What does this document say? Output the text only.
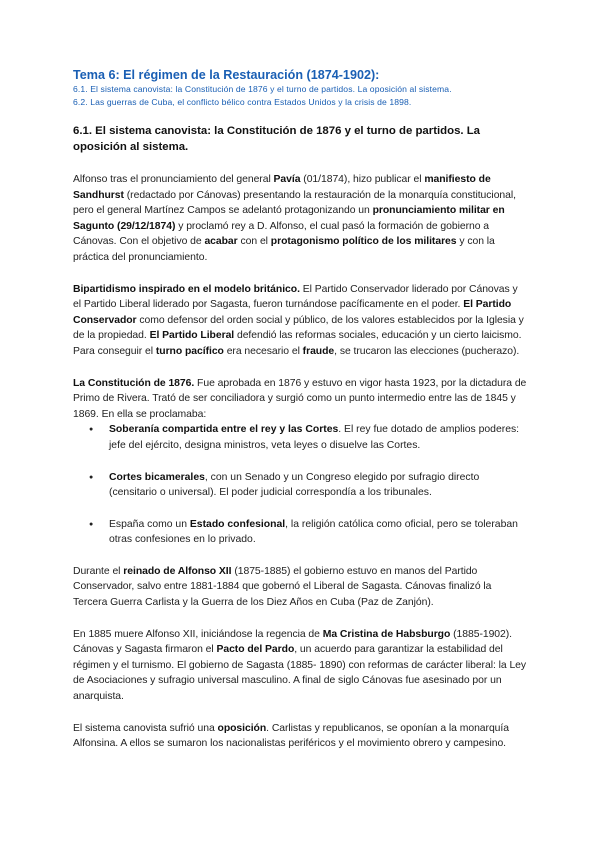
Tema 6: El régimen de la Restauración (1874-1902):
6.1. El sistema canovista: la Constitución de 1876 y el turno de partidos. La oposición al sistema.
6.2. Las guerras de Cuba, el conflicto bélico contra Estados Unidos y la crisis de 1898.
6.1. El sistema canovista: la Constitución de 1876 y el turno de partidos. La oposición al sistema.

Alfonso tras el pronunciamiento del general Pavía (01/1874), hizo publicar el manifiesto de Sandhurst (redactado por Cánovas) presentando la restauración de la monarquía constitucional, pero el general Martínez Campos se adelantó protagonizando un pronunciamiento militar en Sagunto (29/12/1874) y proclamó rey a D. Alfonso, el cual pasó la formación de gobierno a Cánovas. Con el objetivo de acabar con el protagonismo político de los militares y con la práctica del pronunciamiento.

Bipartidismo inspirado en el modelo británico. El Partido Conservador liderado por Cánovas y el Partido Liberal liderado por Sagasta, fueron turnándose pacíficamente en el poder. El Partido Conservador como defensor del orden social y público, de los valores establecidos por la Iglesia y de la propiedad. El Partido Liberal defendió las reformas sociales, educación y un cierto laicismo.

Para conseguir el turno pacífico era necesario el fraude, se trucaron las elecciones (pucherazo).

La Constitución de 1876. Fue aprobada en 1876 y estuvo en vigor hasta 1923, por la dictadura de Primo de Rivera. Trató de ser conciliadora y surgió como un punto intermedio entre las de 1845 y 1869. En ella se proclamaba:

● Soberanía compartida entre el rey y las Cortes. El rey fue dotado de amplios poderes: jefe del ejército, designa ministros, veta leyes o disuelve las Cortes.
● Cortes bicamerales, con un Senado y un Congreso elegido por sufragio directo (censitario o universal). El poder judicial correspondía a los tribunales.
● España como un Estado confesional, la religión católica como oficial, pero se toleraban otras confesiones en lo privado.

Durante el reinado de Alfonso XII (1875-1885) el gobierno estuvo en manos del Partido Conservador, salvo entre 1881-1884 que gobernó el Liberal de Sagasta. Cánovas finalizó la Tercera Guerra Carlista y la Guerra de los Diez Años en Cuba (Paz de Zanjón).

En 1885 muere Alfonso XII, iniciándose la regencia de Ma Cristina de Habsburgo (1885-1902). Cánovas y Sagasta firmaron el Pacto del Pardo, un acuerdo para garantizar la estabilidad del régimen y el turnismo. El gobierno de Sagasta (1885- 1890) con reformas de carácter liberal: la Ley de Asociaciones y sufragio universal masculino. A final de siglo Cánovas fue asesinado por un anarquista.

El sistema canovista sufrió una oposición. Carlistas y republicanos, se oponían a la monarquía Alfonsina. A ellos se sumaron los nacionalistas periféricos y el movimiento obrero y campesino.
